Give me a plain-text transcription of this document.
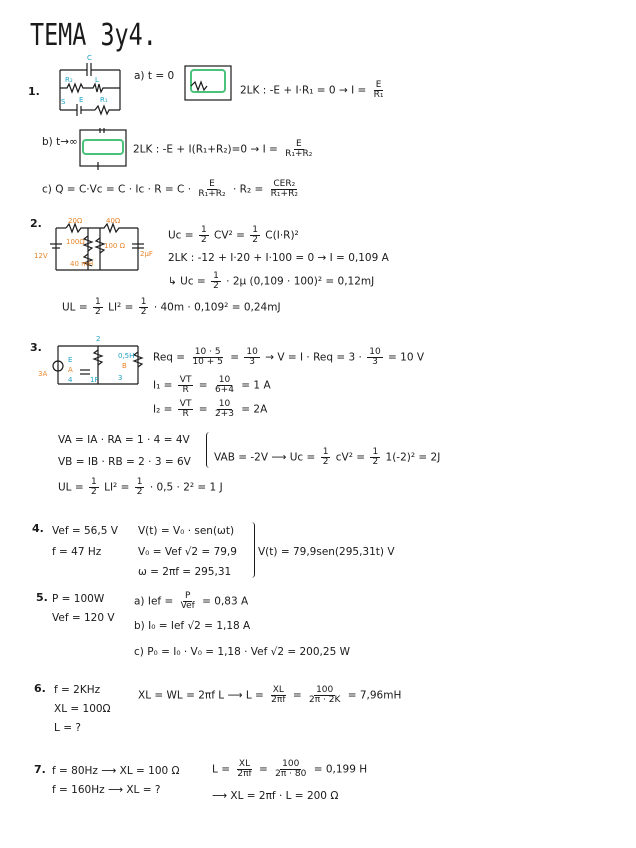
TEMA 3y4.
1.
C
R₂	L
S E R₁
a) t = 0
2LK : $-E + I\cdot R_1 = 0 \to I = \frac{E}{\text{R₁}}$
b) t→∞
2LK : $-E + I(R_1+R_2)=0 \to I = \frac{E}{\text{R₁+R₂}}$
c) $Q = C\cdot Vc = C \cdot Ic \cdot R = C \cdot \frac{E}{\text{R₁+R₂}} \cdot R_2 = \frac{\text{CER₂}}{\text{R₁+R₂}}$
2.	20Ω	40Ω
12V
100Ω
40 mH
100 Ω
2μF
$Uc = \frac{1}{2} CV^2 = \frac{1}{2} C(I\cdot R)^2$
2LK : -12 + I·20 + I·100 = 0 → I = 0,109 A
↳ $Uc = \frac{1}{2} \cdot 2\mu$ (0,109 · 100)² = 0,12mJ
UL = $\frac{1}{2} LI^2 = \frac{1}{2} \cdot 40m \cdot 0,109^2 = 0,24mJ$
3.
2
3A
0,5H
B
3
E
A
4	1F
Req = $\frac{10 \cdot 5}{10 + 5} = \frac{10}{3} \to V = I$ · Req = $3 \cdot \frac{10}{3} = 10$ V
$I_1 = \frac{VT}{R} = \frac{10}{6+4} = 1$ A
$I_2 = \frac{VT}{R} = \frac{10}{2+3} = 2A$
VA = IA · RA = 1 · 4 = 4V
VB = IB · RB = 2 · 3 = 6V VAB = -2V ⟶ $Uc = \frac{1}{2} cV^2 = \frac{1}{2} 1(-2)^2 = 2J$
UL = $\frac{1}{2} LI^2 = \frac{1}{2} \cdot 0,5 \cdot 2^2 = 1$ J
4. Vef = 56,5 V
f = 47 Hz
V(t) = V₀ · sen(ωt)
V₀ = Vef √2 = 79,9
ω = 2πf = 295,31
V(t) = 79,9sen(295,31t) V
5. P = 100W
Vef = 120 V
a) Ief = $\frac{P}{\text{Vef}} = 0,83$ A
b) I₀ = Ief √2 = 1,18 A
c) P₀ = I₀ · V₀ = 1,18 · Vef √2 = 200,25 W
6. f = 2KHz
XL = 100Ω
L = ?
XL = WL = 2πf L ⟶ $L = \frac{XL}{2\pi f} = \frac{100}{2\pi \cdot 2K} = 7,96mH$
7. f = 80Hz ⟶ XL = 100 Ω
f = 160Hz ⟶ XL = ?
$L = \frac{XL}{2\pi f} = \frac{100}{2\pi \cdot 80} = 0,199$ H
⟶ XL = 2πf · L = 200 Ω
